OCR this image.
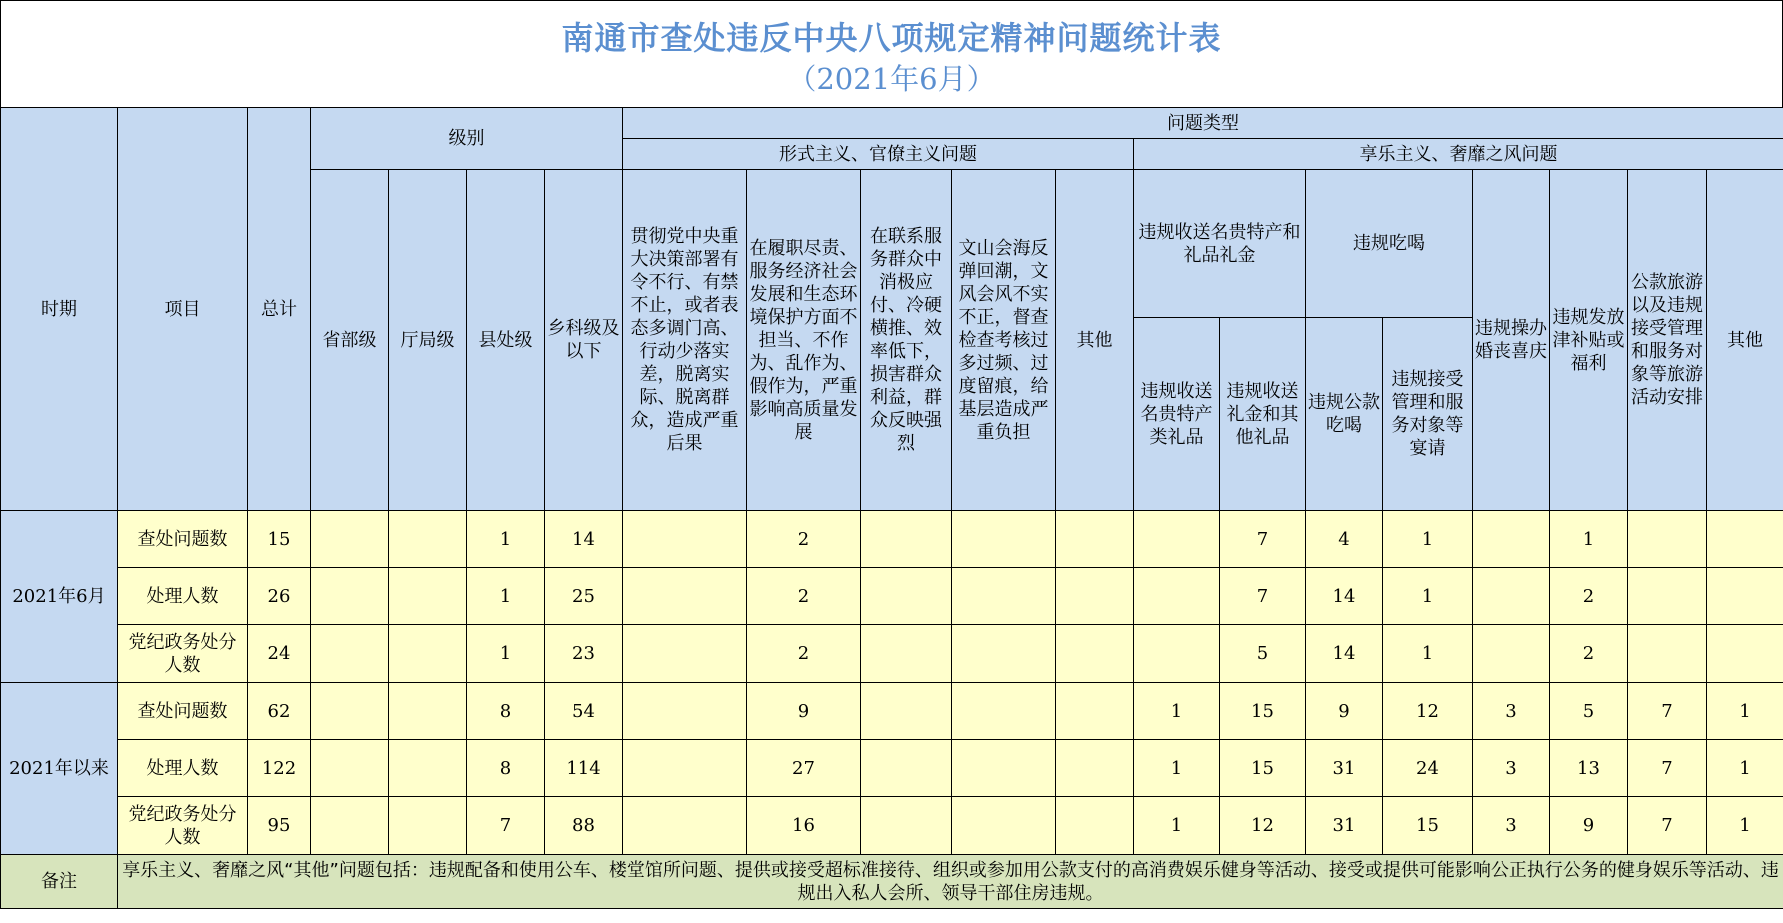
南通市查处违反中央八项规定精神问题统计表
（2021年6月）
时期	项目	总计	级别				问题类型												
							形式主义、官僚主义问题					享乐主义、奢靡之风问题							
			省部级	厅局级	县处级	乡科级及以下	贯彻党中央重大决策部署有令不行、有禁不止，或者表态多调门高、行动少落实差，脱离实际、脱离群众，造成严重后果	在履职尽责、服务经济社会发展和生态环境保护方面不担当、不作为、乱作为、假作为，严重影响高质量发展	在联系服务群众中消极应付、冷硬横推、效率低下，损害群众利益，群众反映强烈	文山会海反弹回潮，文风会风不实不正，督查检查考核过多过频、过度留痕，给基层造成严重负担	其他	违规收送名贵特产和礼品礼金		违规吃喝		违规操办婚丧喜庆	违规发放津补贴或福利	公款旅游以及违规接受管理和服务对象等旅游活动安排	其他
												违规收送名贵特产类礼品	违规收送礼金和其他礼品	违规公款吃喝	违规接受管理和服务对象等宴请				
2021年6月	查处问题数	15			1	14		2					7	4	1		1		
	处理人数	26			1	25		2					7	14	1		2		
	党纪政务处分人数	24			1	23		2					5	14	1		2		
2021年以来	查处问题数	62			8	54		9				1	15	9	12	3	5	7	1
	处理人数	122			8	114		27				1	15	31	24	3	13	7	1
	党纪政务处分人数	95			7	88		16				1	12	31	15	3	9	7	1
备注	享乐主义、奢靡之风“其他”问题包括：违规配备和使用公车、楼堂馆所问题、提供或接受超标准接待、组织或参加用公款支付的高消费娱乐健身等活动、接受或提供可能影响公正执行公务的健身娱乐等活动、违规出入私人会所、领导干部住房违规。																		
